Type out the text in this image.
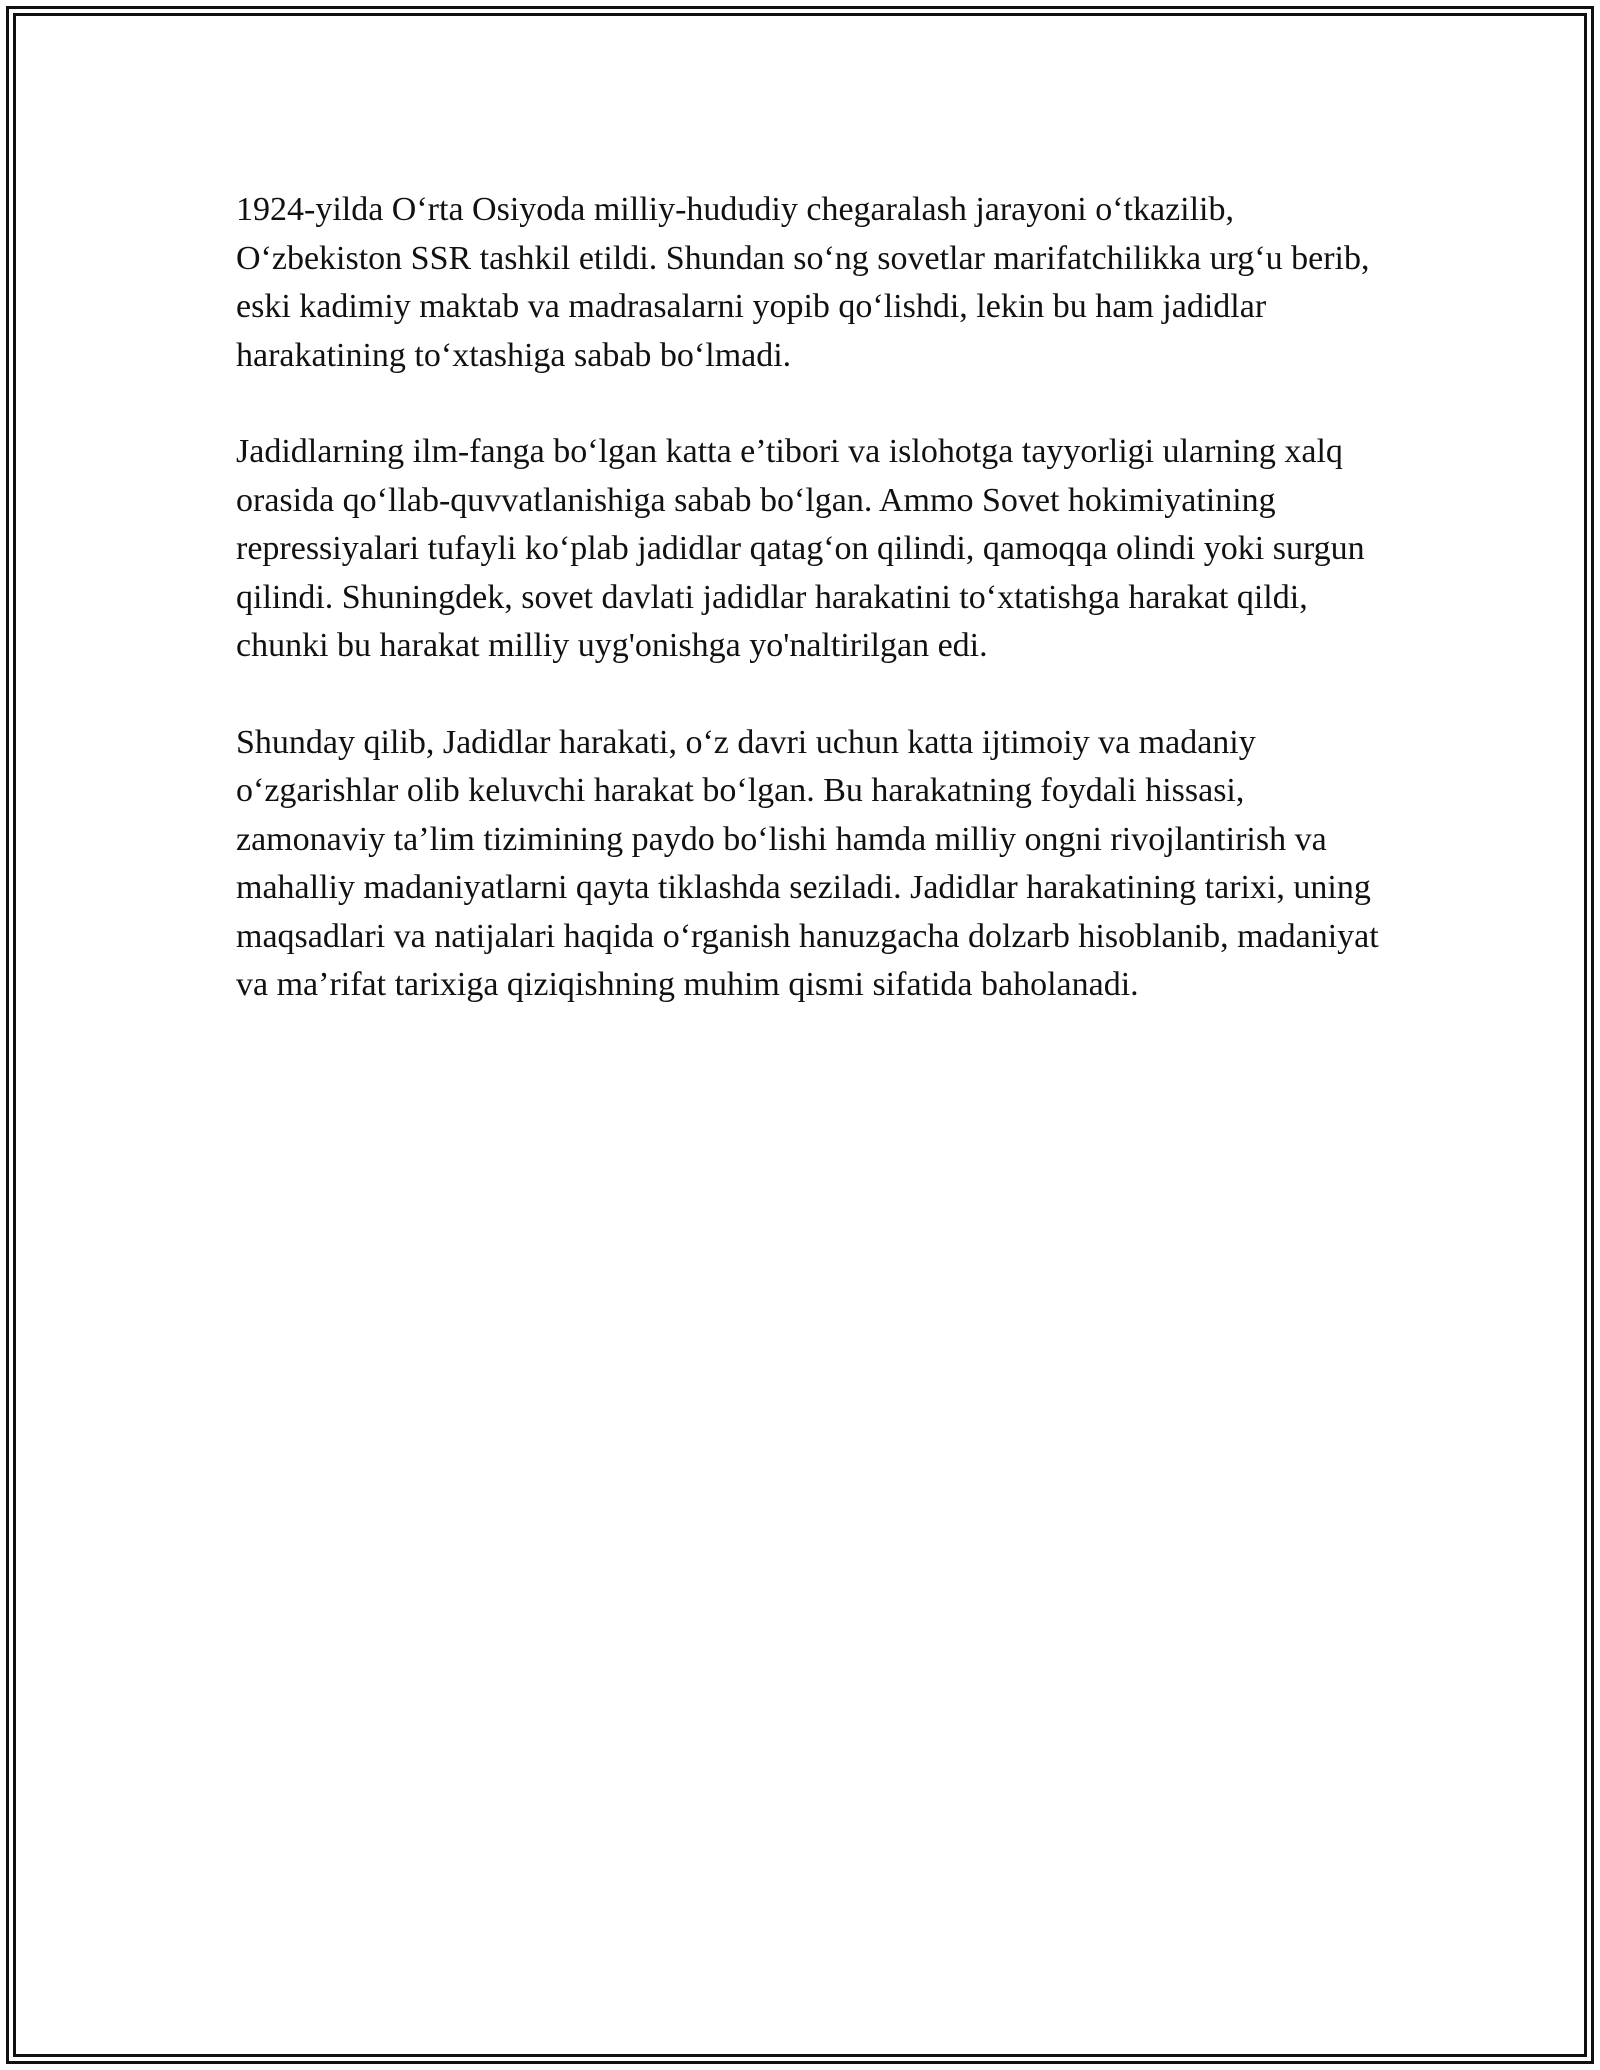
1924-yilda O‘rta Osiyoda milliy-hududiy chegaralash jarayoni o‘tkazilib, O‘zbekiston SSR tashkil etildi. Shundan so‘ng sovetlar marifatchilikka urg‘u berib, eski kadimiy maktab va madrasalarni yopib qo‘lishdi, lekin bu ham jadidlar harakatining to‘xtashiga sabab bo‘lmadi.

Jadidlarning ilm-fanga bo‘lgan katta e’tibori va islohotga tayyorligi ularning xalq orasida qo‘llab-quvvatlanishiga sabab bo‘lgan. Ammo Sovet hokimiyatining repressiyalari tufayli ko‘plab jadidlar qatag‘on qilindi, qamoqqa olindi yoki surgun qilindi. Shuningdek, sovet davlati jadidlar harakatini to‘xtatishga harakat qildi, chunki bu harakat milliy uyg'onishga yo'naltirilgan edi.

Shunday qilib, Jadidlar harakati, o‘z davri uchun katta ijtimoiy va madaniy o‘zgarishlar olib keluvchi harakat bo‘lgan. Bu harakatning foydali hissasi, zamonaviy ta’lim tizimining paydo bo‘lishi hamda milliy ongni rivojlantirish va mahalliy madaniyatlarni qayta tiklashda seziladi. Jadidlar harakatining tarixi, uning maqsadlari va natijalari haqida o‘rganish hanuzgacha dolzarb hisoblanib, madaniyat va ma’rifat tarixiga qiziqishning muhim qismi sifatida baholanadi.
